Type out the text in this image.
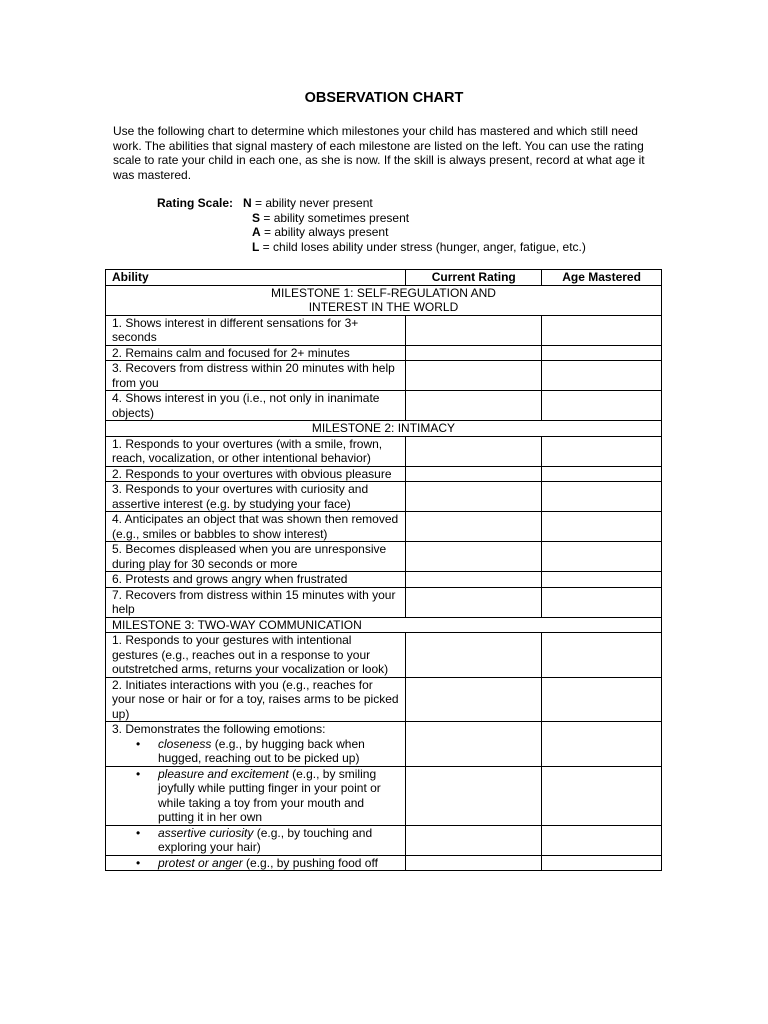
OBSERVATION CHART
Use the following chart to determine which milestones your child has mastered and which still need work. The abilities that signal mastery of each milestone are listed on the left. You can use the rating scale to rate your child in each one, as she is now. If the skill is always present, record at what age it was mastered.
Rating Scale: N = ability never present
S = ability sometimes present
A = ability always present
L = child loses ability under stress (hunger, anger, fatigue, etc.)
Ability	Current Rating	Age Mastered
MILESTONE 1: SELF-REGULATION AND INTEREST IN THE WORLD		
1. Shows interest in different sensations for 3+ seconds		
2. Remains calm and focused for 2+ minutes		
3. Recovers from distress within 20 minutes with help from you		
4. Shows interest in you (i.e., not only in inanimate objects)		
MILESTONE 2: INTIMACY		
1. Responds to your overtures (with a smile, frown, reach, vocalization, or other intentional behavior)		
2. Responds to your overtures with obvious pleasure		
3. Responds to your overtures with curiosity and assertive interest (e.g. by studying your face)		
4. Anticipates an object that was shown then removed (e.g., smiles or babbles to show interest)		
5. Becomes displeased when you are unresponsive during play for 30 seconds or more		
6. Protests and grows angry when frustrated		
7. Recovers from distress within 15 minutes with your help		
MILESTONE 3: TWO-WAY COMMUNICATION		
1. Responds to your gestures with intentional gestures (e.g., reaches out in a response to your outstretched arms, returns your vocalization or look)		
2. Initiates interactions with you (e.g., reaches for your nose or hair or for a toy, raises arms to be picked up)		

3. Demonstrates the following emotions:
• closeness (e.g., by hugging back when hugged, reaching out to be picked up)		

• pleasure and excitement (e.g., by smiling joyfully while putting finger in your point or while taking a toy from your mouth and putting it in her own		

• assertive curiosity (e.g., by touching and exploring your hair)		

• protest or anger (e.g., by pushing food off		
